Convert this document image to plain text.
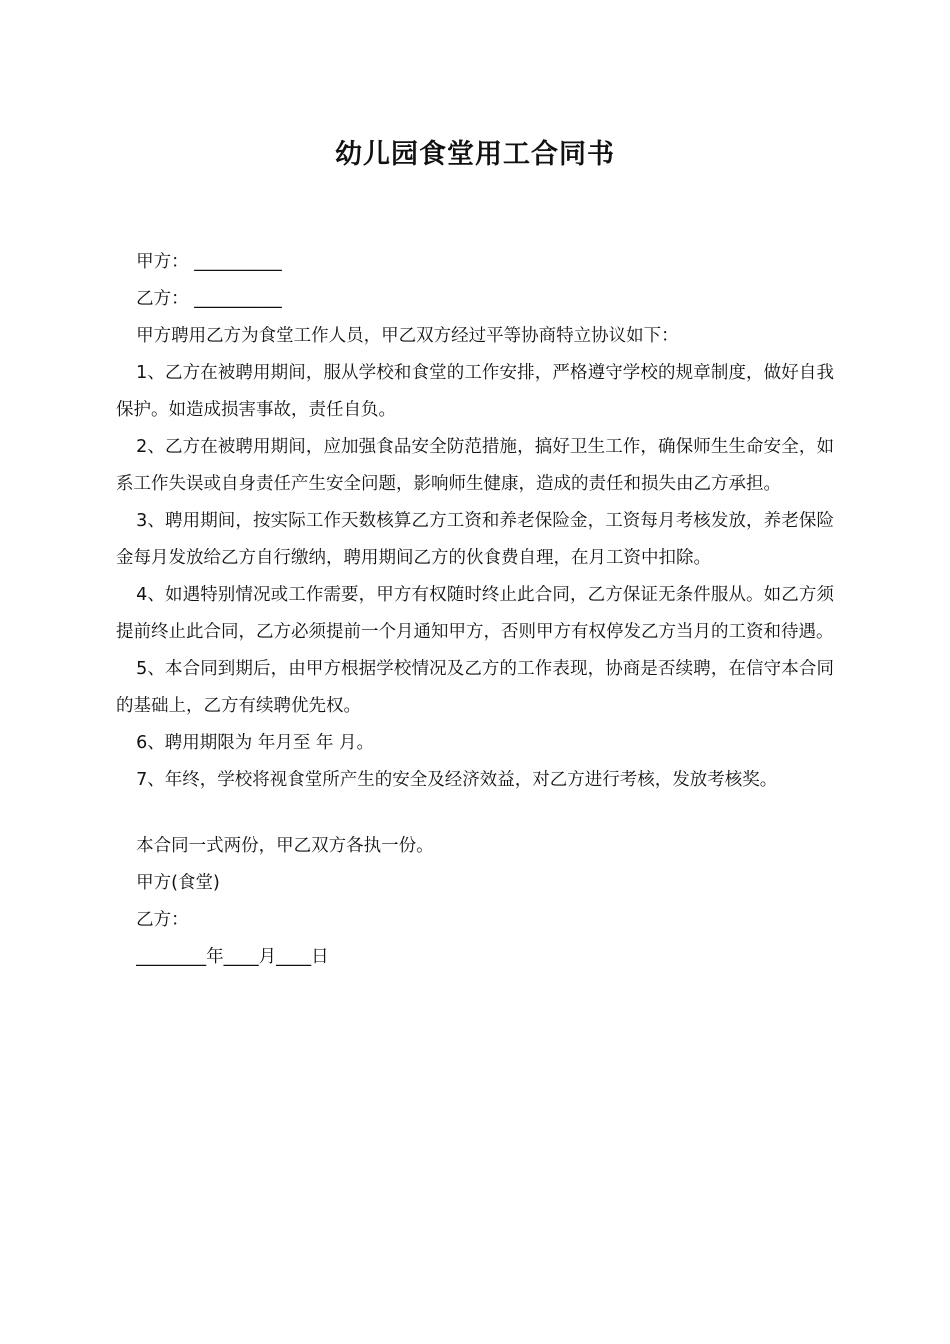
幼儿园食堂用工合同书

甲方： __________

乙方： __________

甲方聘用乙方为食堂工作人员，甲乙双方经过平等协商特立协议如下：

1、乙方在被聘用期间，服从学校和食堂的工作安排，严格遵守学校的规章制度，做好自我保护。如造成损害事故，责任自负。

2、乙方在被聘用期间，应加强食品安全防范措施，搞好卫生工作，确保师生生命安全，如系工作失误或自身责任产生安全问题，影响师生健康，造成的责任和损失由乙方承担。

3、聘用期间，按实际工作天数核算乙方工资和养老保险金，工资每月考核发放，养老保险金每月发放给乙方自行缴纳，聘用期间乙方的伙食费自理，在月工资中扣除。

4、如遇特别情况或工作需要，甲方有权随时终止此合同，乙方保证无条件服从。如乙方须提前终止此合同，乙方必须提前一个月通知甲方，否则甲方有权停发乙方当月的工资和待遇。

5、本合同到期后，由甲方根据学校情况及乙方的工作表现，协商是否续聘，在信守本合同的基础上，乙方有续聘优先权。

6、聘用期限为 年月至 年 月。

7、年终，学校将视食堂所产生的安全及经济效益，对乙方进行考核，发放考核奖。

本合同一式两份，甲乙双方各执一份。

甲方(食堂)

乙方：

________年____月____日
